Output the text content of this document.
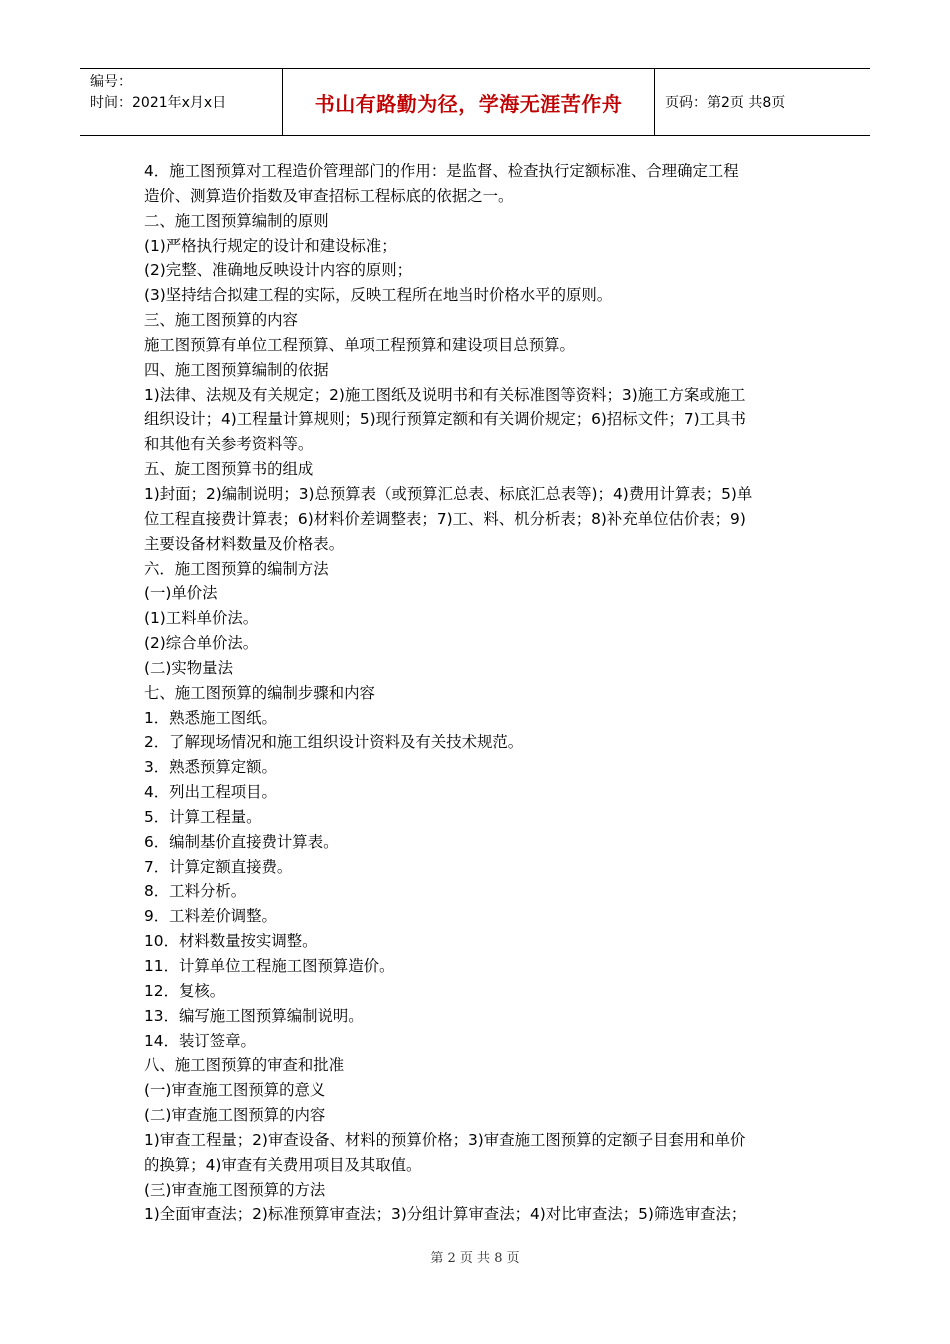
编号：
时间：2021年x月x日	书山有路勤为径，学海无涯苦作舟	页码：第2页 共8页

4．施工图预算对工程造价管理部门的作用：是监督、检查执行定额标准、合理确定工程

造价、测算造价指数及审查招标工程标底的依据之一。

二、施工图预算编制的原则

(1)严格执行规定的设计和建设标准；

(2)完整、准确地反映设计内容的原则；

(3)坚持结合拟建工程的实际，反映工程所在地当时价格水平的原则。

三、施工图预算的内容

施工图预算有单位工程预算、单项工程预算和建设项目总预算。

四、施工图预算编制的依据

1)法律、法规及有关规定；2)施工图纸及说明书和有关标准图等资料；3)施工方案或施工

组织设计；4)工程量计算规则；5)现行预算定额和有关调价规定；6)招标文件；7)工具书

和其他有关参考资料等。

五、旋工图预算书的组成

1)封面；2)编制说明；3)总预算表（或预算汇总表、标底汇总表等)；4)费用计算表；5)单

位工程直接费计算表；6)材料价差调整表；7)工、料、机分析表；8)补充单位估价表；9)

主要设备材料数量及价格表。

六．施工图预算的编制方法

(一)单价法

(1)工料单价法。

(2)综合单价法。

(二)实物量法

七、施工图预算的编制步骤和内容

1．熟悉施工图纸。

2．了解现场情况和施工组织设计资料及有关技术规范。

3．熟悉预算定额。

4．列出工程项目。

5．计算工程量。

6．编制基价直接费计算表。

7．计算定额直接费。

8．工料分析。

9．工料差价调整。

10．材料数量按实调整。

11．计算单位工程施工图预算造价。

12．复核。

13．编写施工图预算编制说明。

14．装订签章。

八、施工图预算的审查和批准

(一)审查施工图预算的意义

(二)审查施工图预算的内容

1)审查工程量；2)审查设备、材料的预算价格；3)审查施工图预算的定额子目套用和单价

的换算；4)审查有关费用项目及其取值。

(三)审查施工图预算的方法

1)全面审查法；2)标准预算审查法；3)分组计算审查法；4)对比审查法；5)筛选审查法；

第 2 页 共 8 页
